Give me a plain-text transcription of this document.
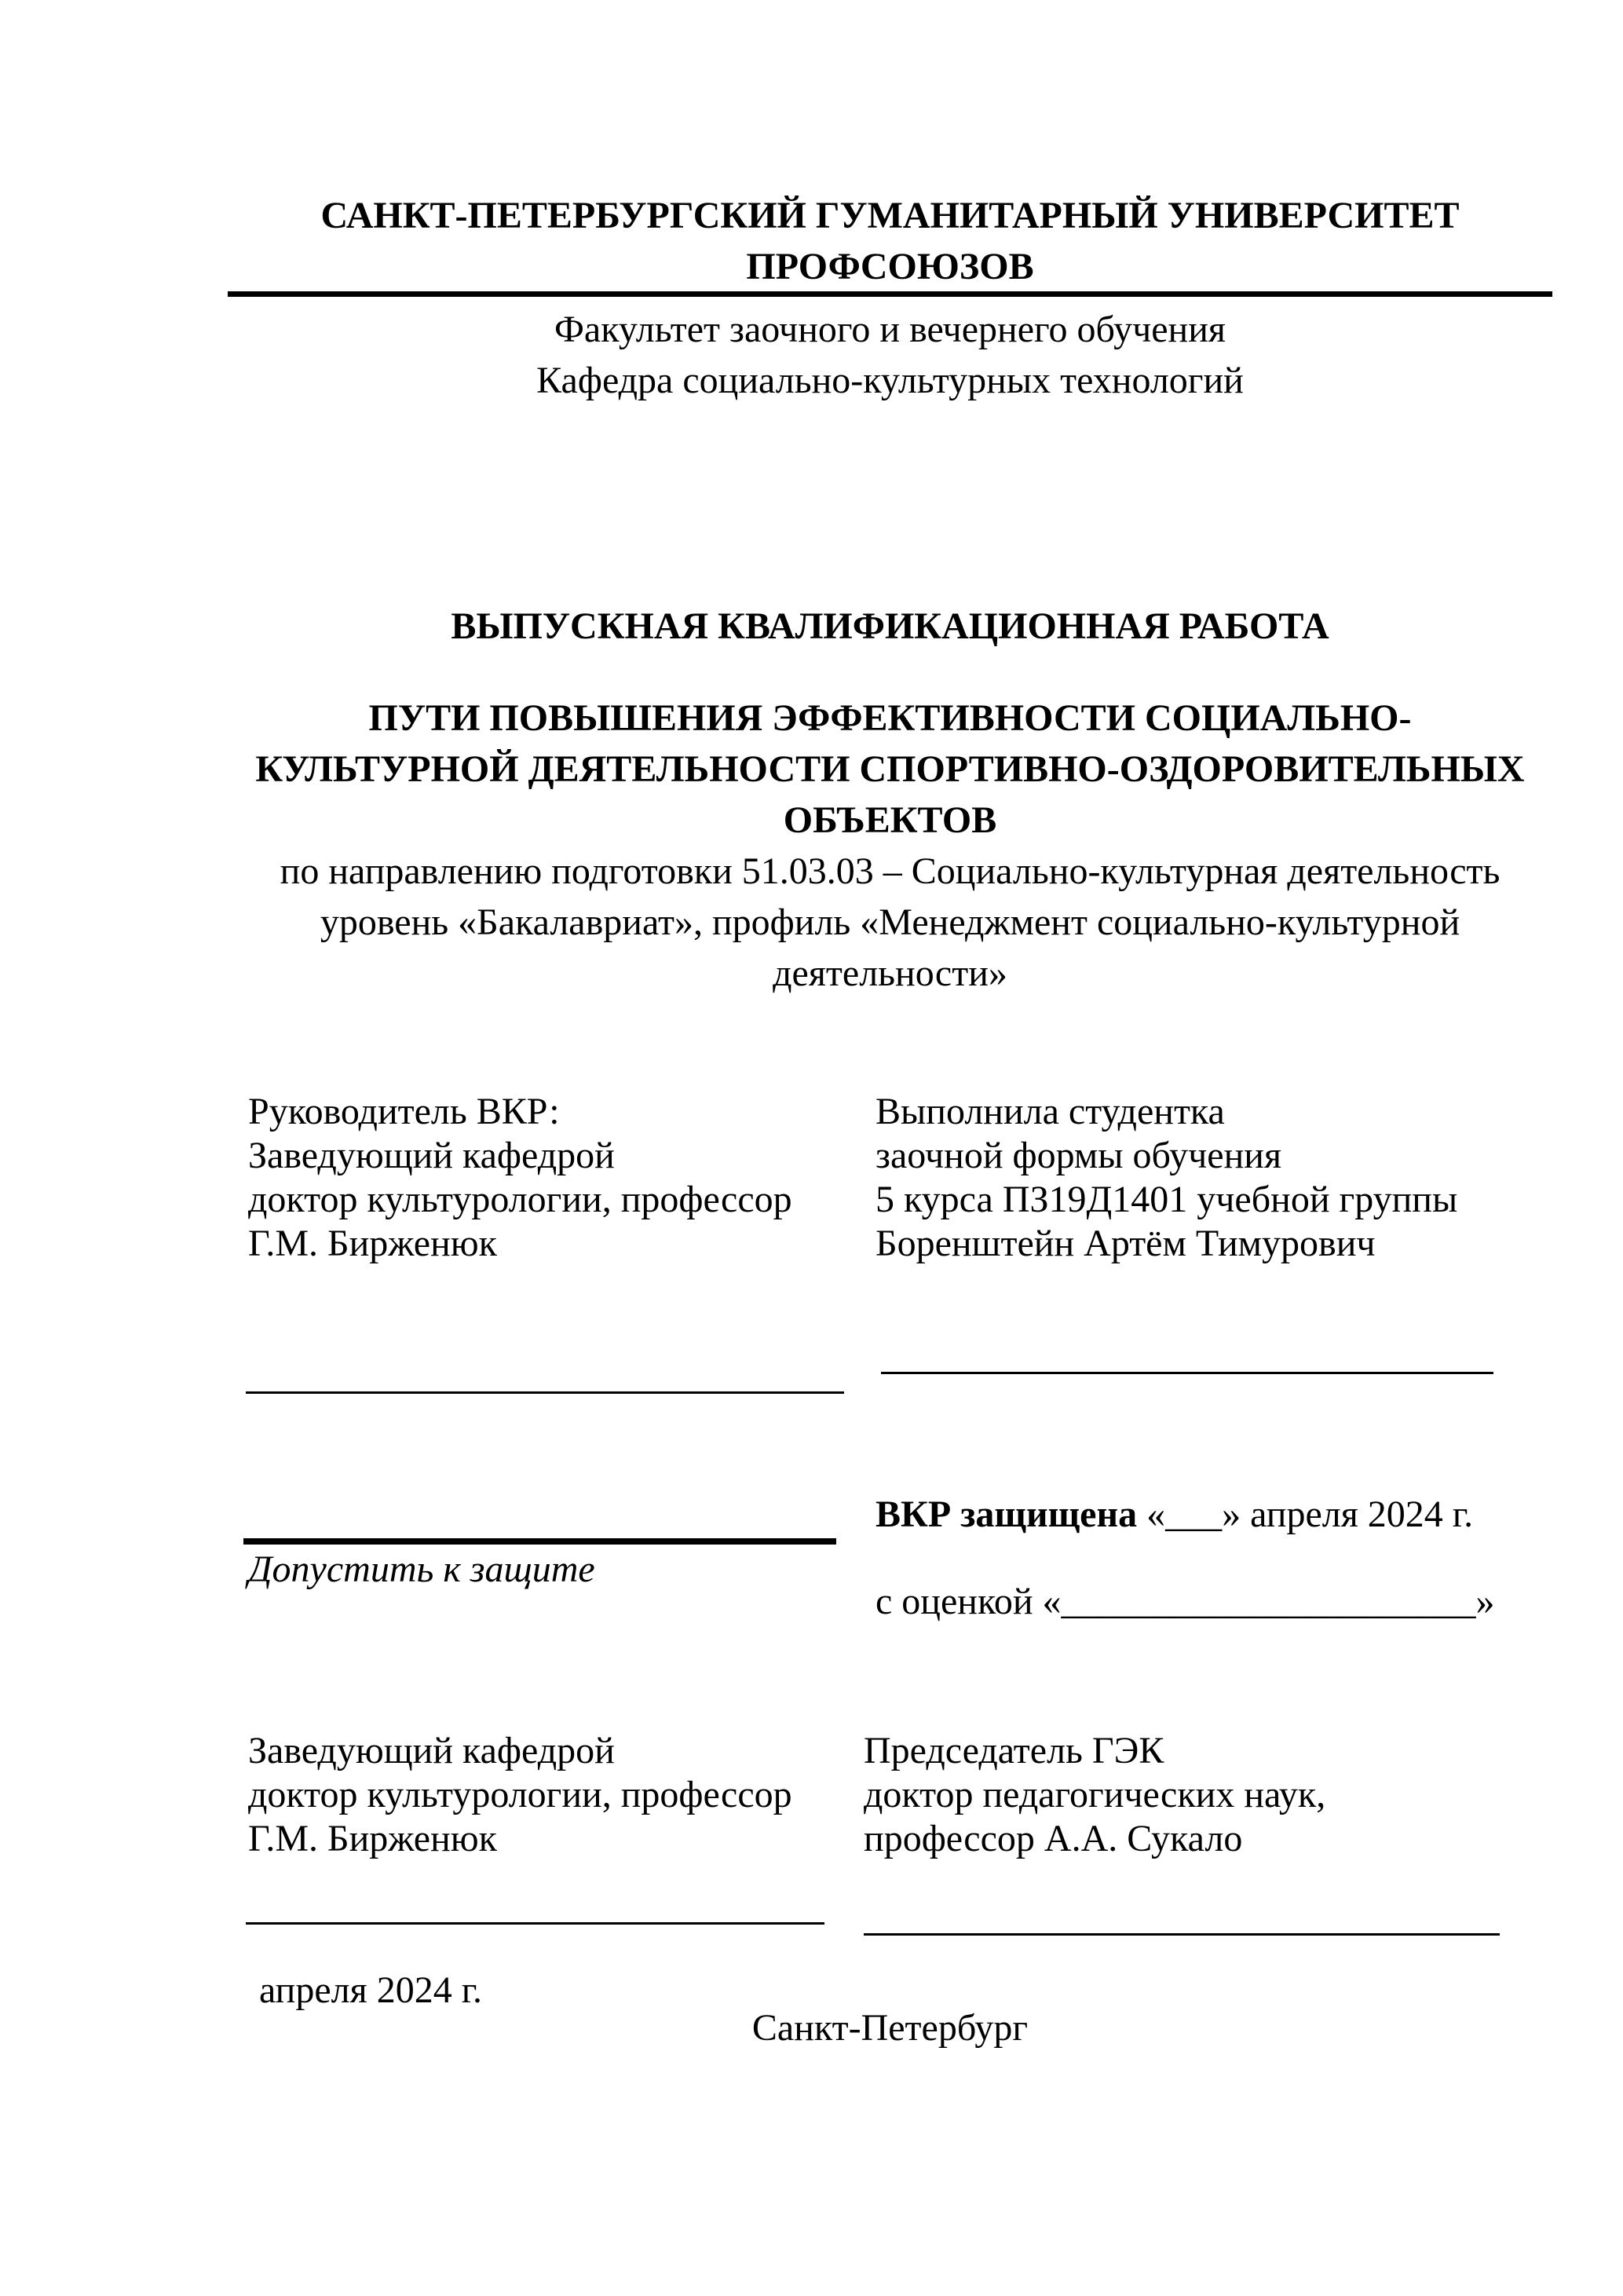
САНКТ-ПЕТЕРБУРГСКИЙ ГУМАНИТАРНЫЙ УНИВЕРСИТЕТ
ПРОФСОЮЗОВ
Факультет заочного и вечернего обучения
Кафедра социально-культурных технологий
ВЫПУСКНАЯ КВАЛИФИКАЦИОННАЯ РАБОТА
ПУТИ ПОВЫШЕНИЯ ЭФФЕКТИВНОСТИ СОЦИАЛЬНО-
КУЛЬТУРНОЙ ДЕЯТЕЛЬНОСТИ СПОРТИВНО-ОЗДОРОВИТЕЛЬНЫХ
ОБЪЕКТОВ
по направлению подготовки 51.03.03 – Социально-культурная деятельность
уровень «Бакалавриат», профиль «Менеджмент социально-культурной
деятельности»
Руководитель ВКР:
Заведующий кафедрой
доктор культурологии, профессор
Г.М. Бирженюк
Выполнила студентка
заочной формы обучения
5 курса ПЗ19Д1401 учебной группы
Боренштейн Артём Тимурович
ВКР защищена «___» апреля 2024 г.
Допустить к защите
с оценкой «______________________»
Заведующий кафедрой
доктор культурологии, профессор
Г.М. Бирженюк
Председатель ГЭК
доктор педагогических наук,
профессор А.А. Сукало
апреля 2024 г.
Санкт-Петербург
